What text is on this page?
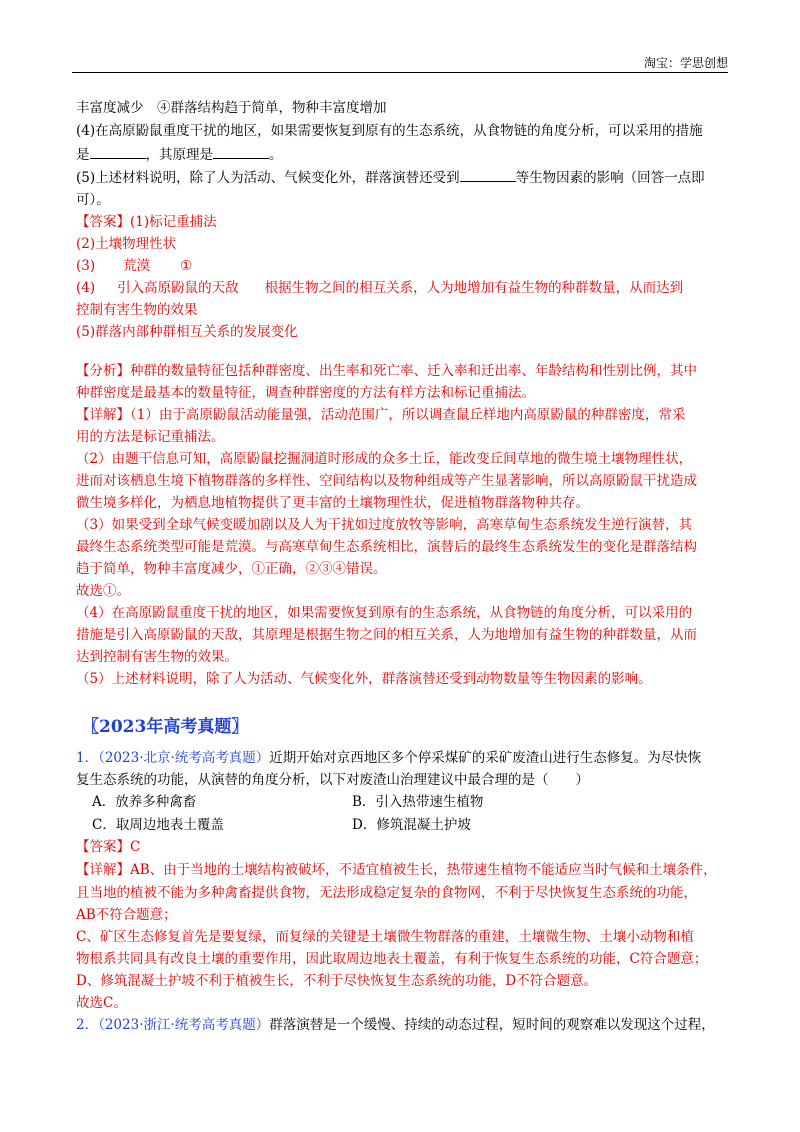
淘宝：学思创想
丰富度减少　④群落结构趋于简单，物种丰富度增加
(4)在高原鼢鼠重度干扰的地区，如果需要恢复到原有的生态系统，从食物链的角度分析，可以采用的措施
是	，其原理是	。
(5)上述材料说明，除了人为活动、气候变化外，群落演替还受到	等生物因素的影响（回答一点即
可）。
【答案】(1)标记重捕法
(2)土壤物理性状
(3) 荒漠 ①
(4) 引入高原鼢鼠的天敌 根据生物之间的相互关系，人为地增加有益生物的种群数量，从而达到
控制有害生物的效果
(5)群落内部种群相互关系的发展变化
【分析】种群的数量特征包括种群密度、出生率和死亡率、迁入率和迁出率、年龄结构和性别比例，其中
种群密度是最基本的数量特征，调查种群密度的方法有样方法和标记重捕法。
【详解】（1）由于高原鼢鼠活动能量强，活动范围广，所以调查鼠丘样地内高原鼢鼠的种群密度，常采
用的方法是标记重捕法。
（2）由题干信息可知，高原鼢鼠挖掘洞道时形成的众多土丘，能改变丘间草地的微生境土壤物理性状，
进而对该栖息生境下植物群落的多样性、空间结构以及物种组成等产生显著影响，所以高原鼢鼠干扰造成
微生境多样化，为栖息地植物提供了更丰富的土壤物理性状，促进植物群落物种共存。
（3）如果受到全球气候变暖加剧以及人为干扰如过度放牧等影响，高寒草甸生态系统发生逆行演替，其
最终生态系统类型可能是荒漠。与高寒草甸生态系统相比，演替后的最终生态系统发生的变化是群落结构
趋于简单，物种丰富度减少，①正确，②③④错误。
故选①。
（4）在高原鼢鼠重度干扰的地区，如果需要恢复到原有的生态系统，从食物链的角度分析，可以采用的
措施是引入高原鼢鼠的天敌，其原理是根据生物之间的相互关系，人为地增加有益生物的种群数量，从而
达到控制有害生物的效果。
（5）上述材料说明，除了人为活动、气候变化外，群落演替还受到动物数量等生物因素的影响。
〖2023年高考真题〗
1．（2023·北京·统考高考真题）近期开始对京西地区多个停采煤矿的采矿废渣山进行生态修复。为尽快恢
复生态系统的功能，从演替的角度分析，以下对废渣山治理建议中最合理的是（　　）
A．放养多种禽畜	B．引入热带速生植物
C．取周边地表土覆盖	D．修筑混凝土护坡
【答案】C
【详解】AB、由于当地的土壤结构被破坏，不适宜植被生长，热带速生植物不能适应当时气候和土壤条件，
且当地的植被不能为多种禽畜提供食物，无法形成稳定复杂的食物网，不利于尽快恢复生态系统的功能，
AB不符合题意；
C、矿区生态修复首先是要复绿，而复绿的关键是土壤微生物群落的重建，土壤微生物、土壤小动物和植
物根系共同具有改良土壤的重要作用，因此取周边地表土覆盖，有利于恢复生态系统的功能，C符合题意；
D、修筑混凝土护坡不利于植被生长，不利于尽快恢复生态系统的功能，D不符合题意。
故选C。
2．（2023·浙江·统考高考真题）群落演替是一个缓慢、持续的动态过程，短时间的观察难以发现这个过程，
